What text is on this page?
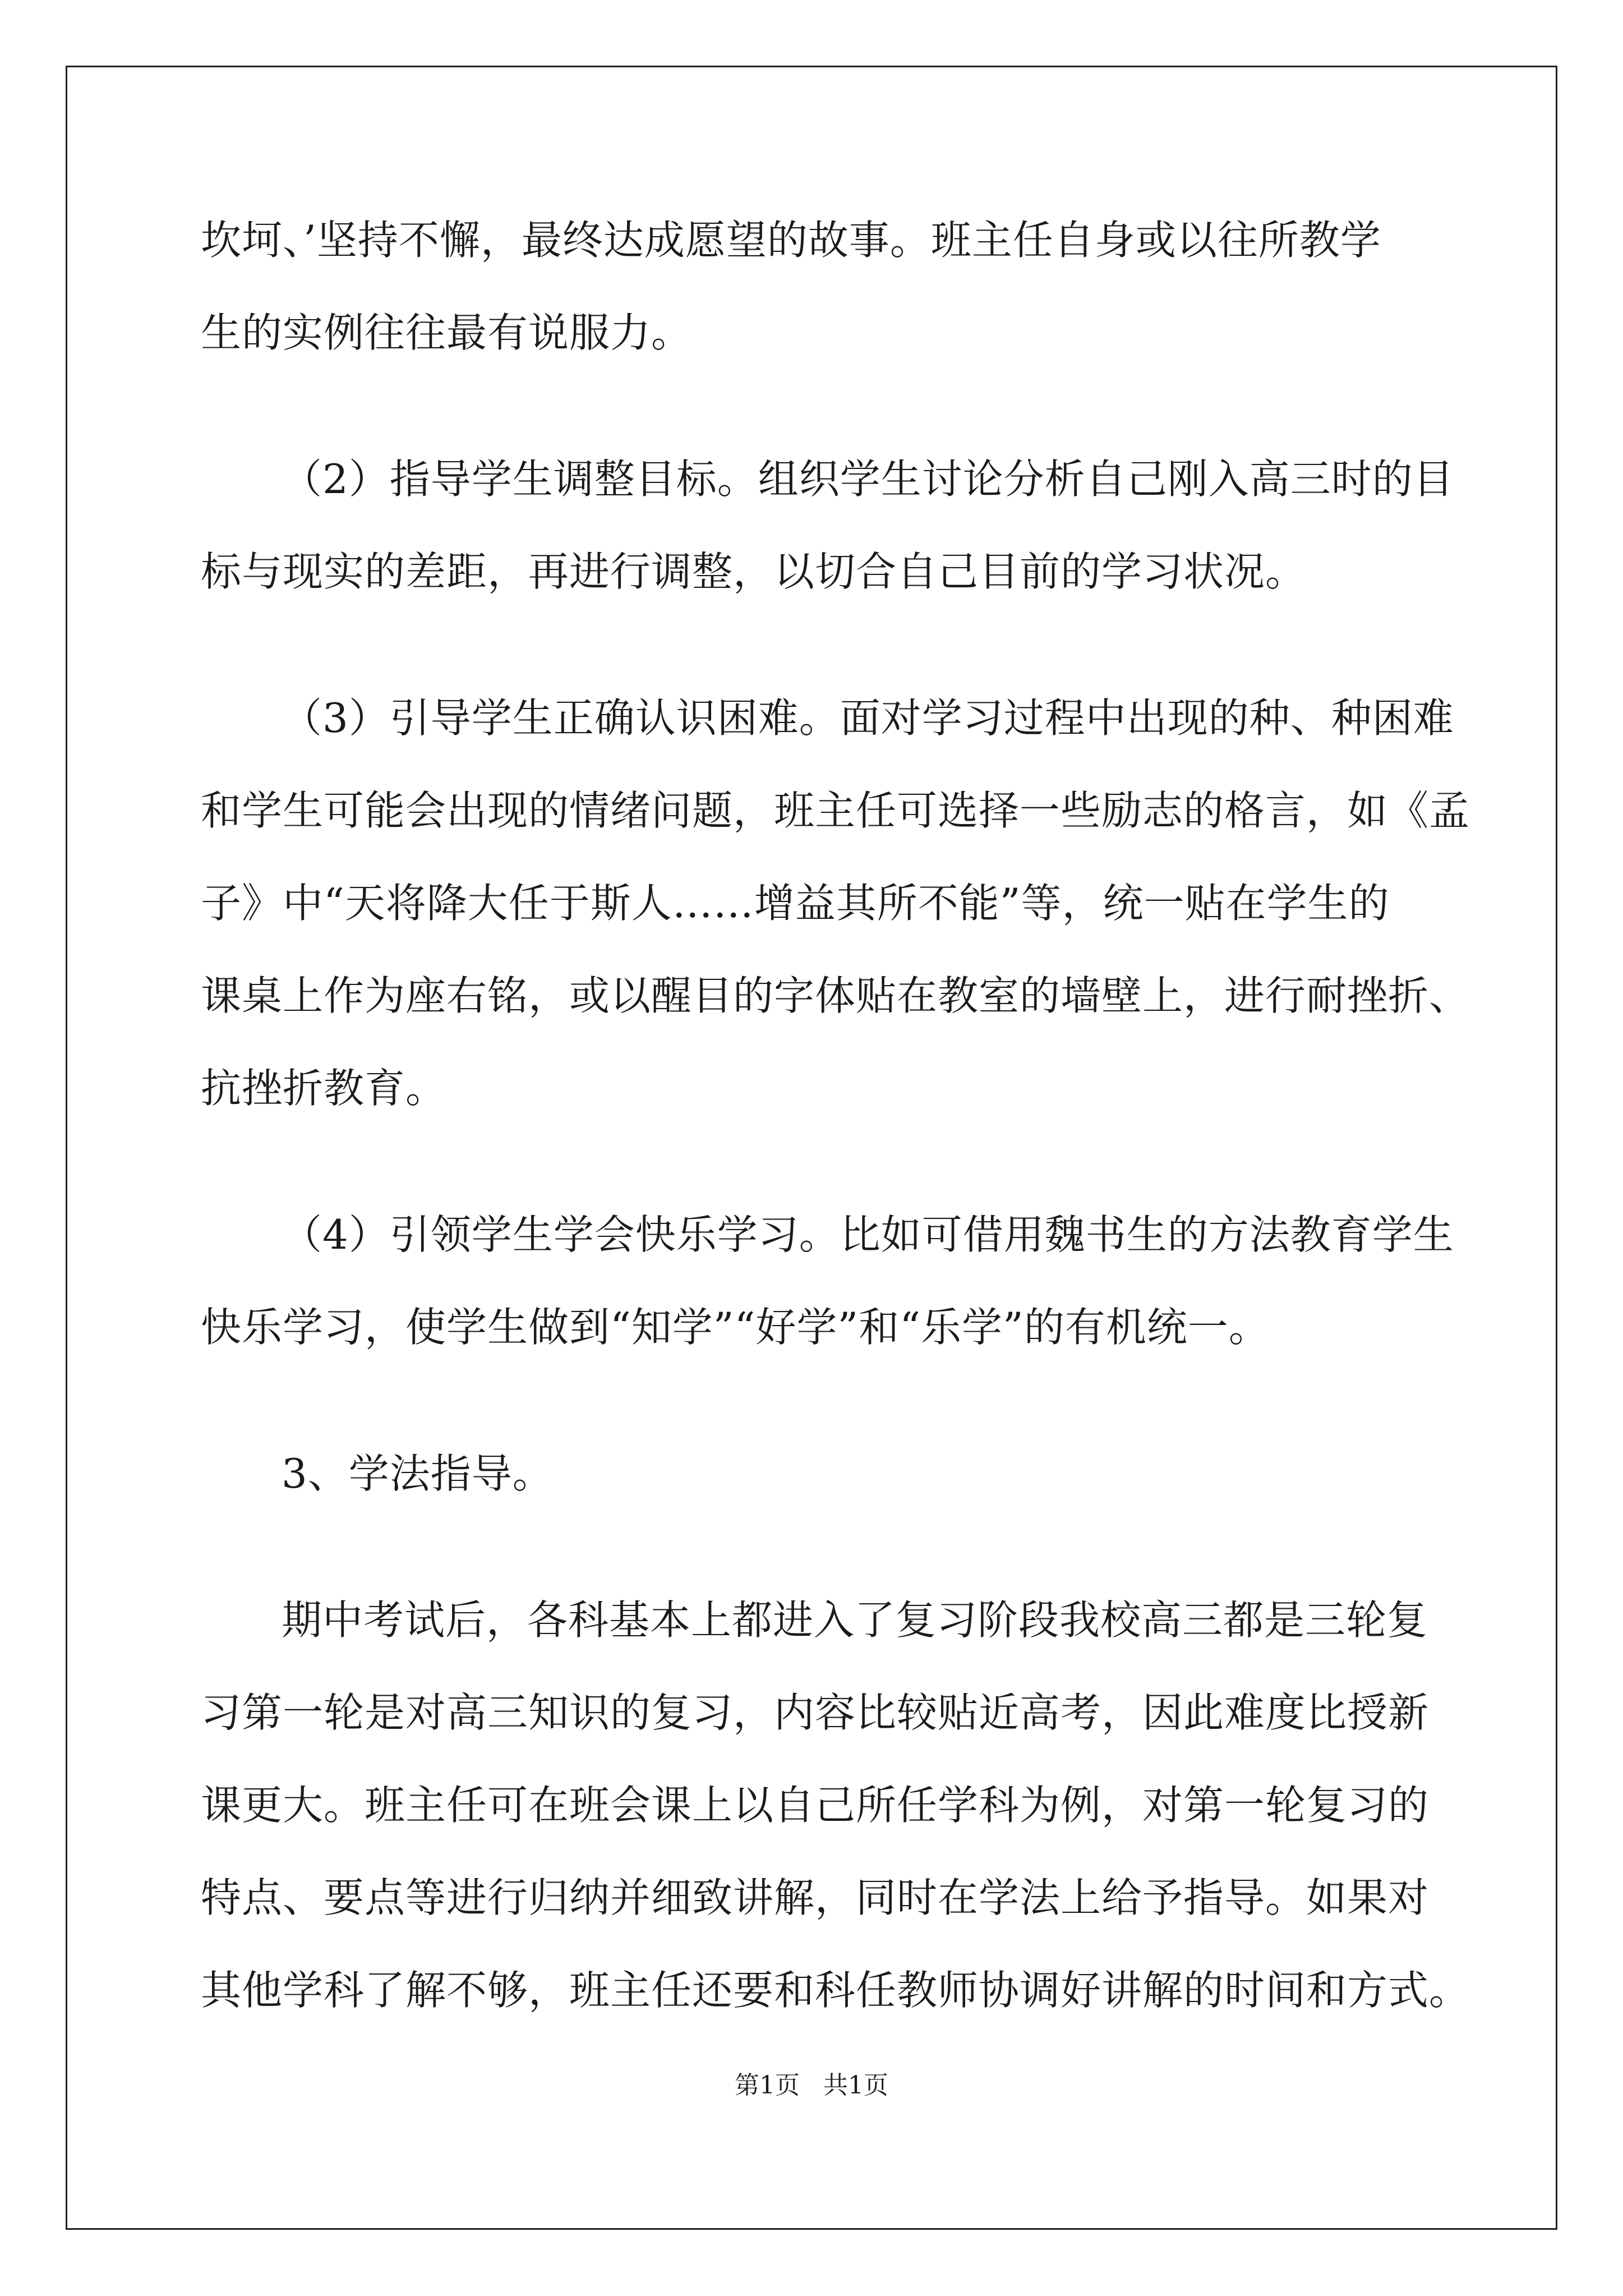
坎坷、’坚持不懈，最终达成愿望的故事。班主任自身或以往所教学
生的实例往往最有说服力。
（2）指导学生调整目标。组织学生讨论分析自己刚入高三时的目
标与现实的差距，再进行调整，以切合自己目前的学习状况。
（3）引导学生正确认识困难。面对学习过程中出现的种、种困难
和学生可能会出现的情绪问题，班主任可选择一些励志的格言，如《孟
子》中“天将降大任于斯人……增益其所不能”等，统一贴在学生的
课桌上作为座右铭，或以醒目的字体贴在教室的墙壁上，进行耐挫折、
抗挫折教育。
（4）引领学生学会快乐学习。比如可借用魏书生的方法教育学生
快乐学习，使学生做到“知学”“好学”和“乐学”的有机统一。
3、学法指导。
期中考试后，各科基本上都进入了复习阶段我校高三都是三轮复
习第一轮是对高三知识的复习，内容比较贴近高考，因此难度比授新
课更大。班主任可在班会课上以自己所任学科为例，对第一轮复习的
特点、要点等进行归纳并细致讲解，同时在学法上给予指导。如果对
其他学科了解不够，班主任还要和科任教师协调好讲解的时间和方式。
第1页   共1页
